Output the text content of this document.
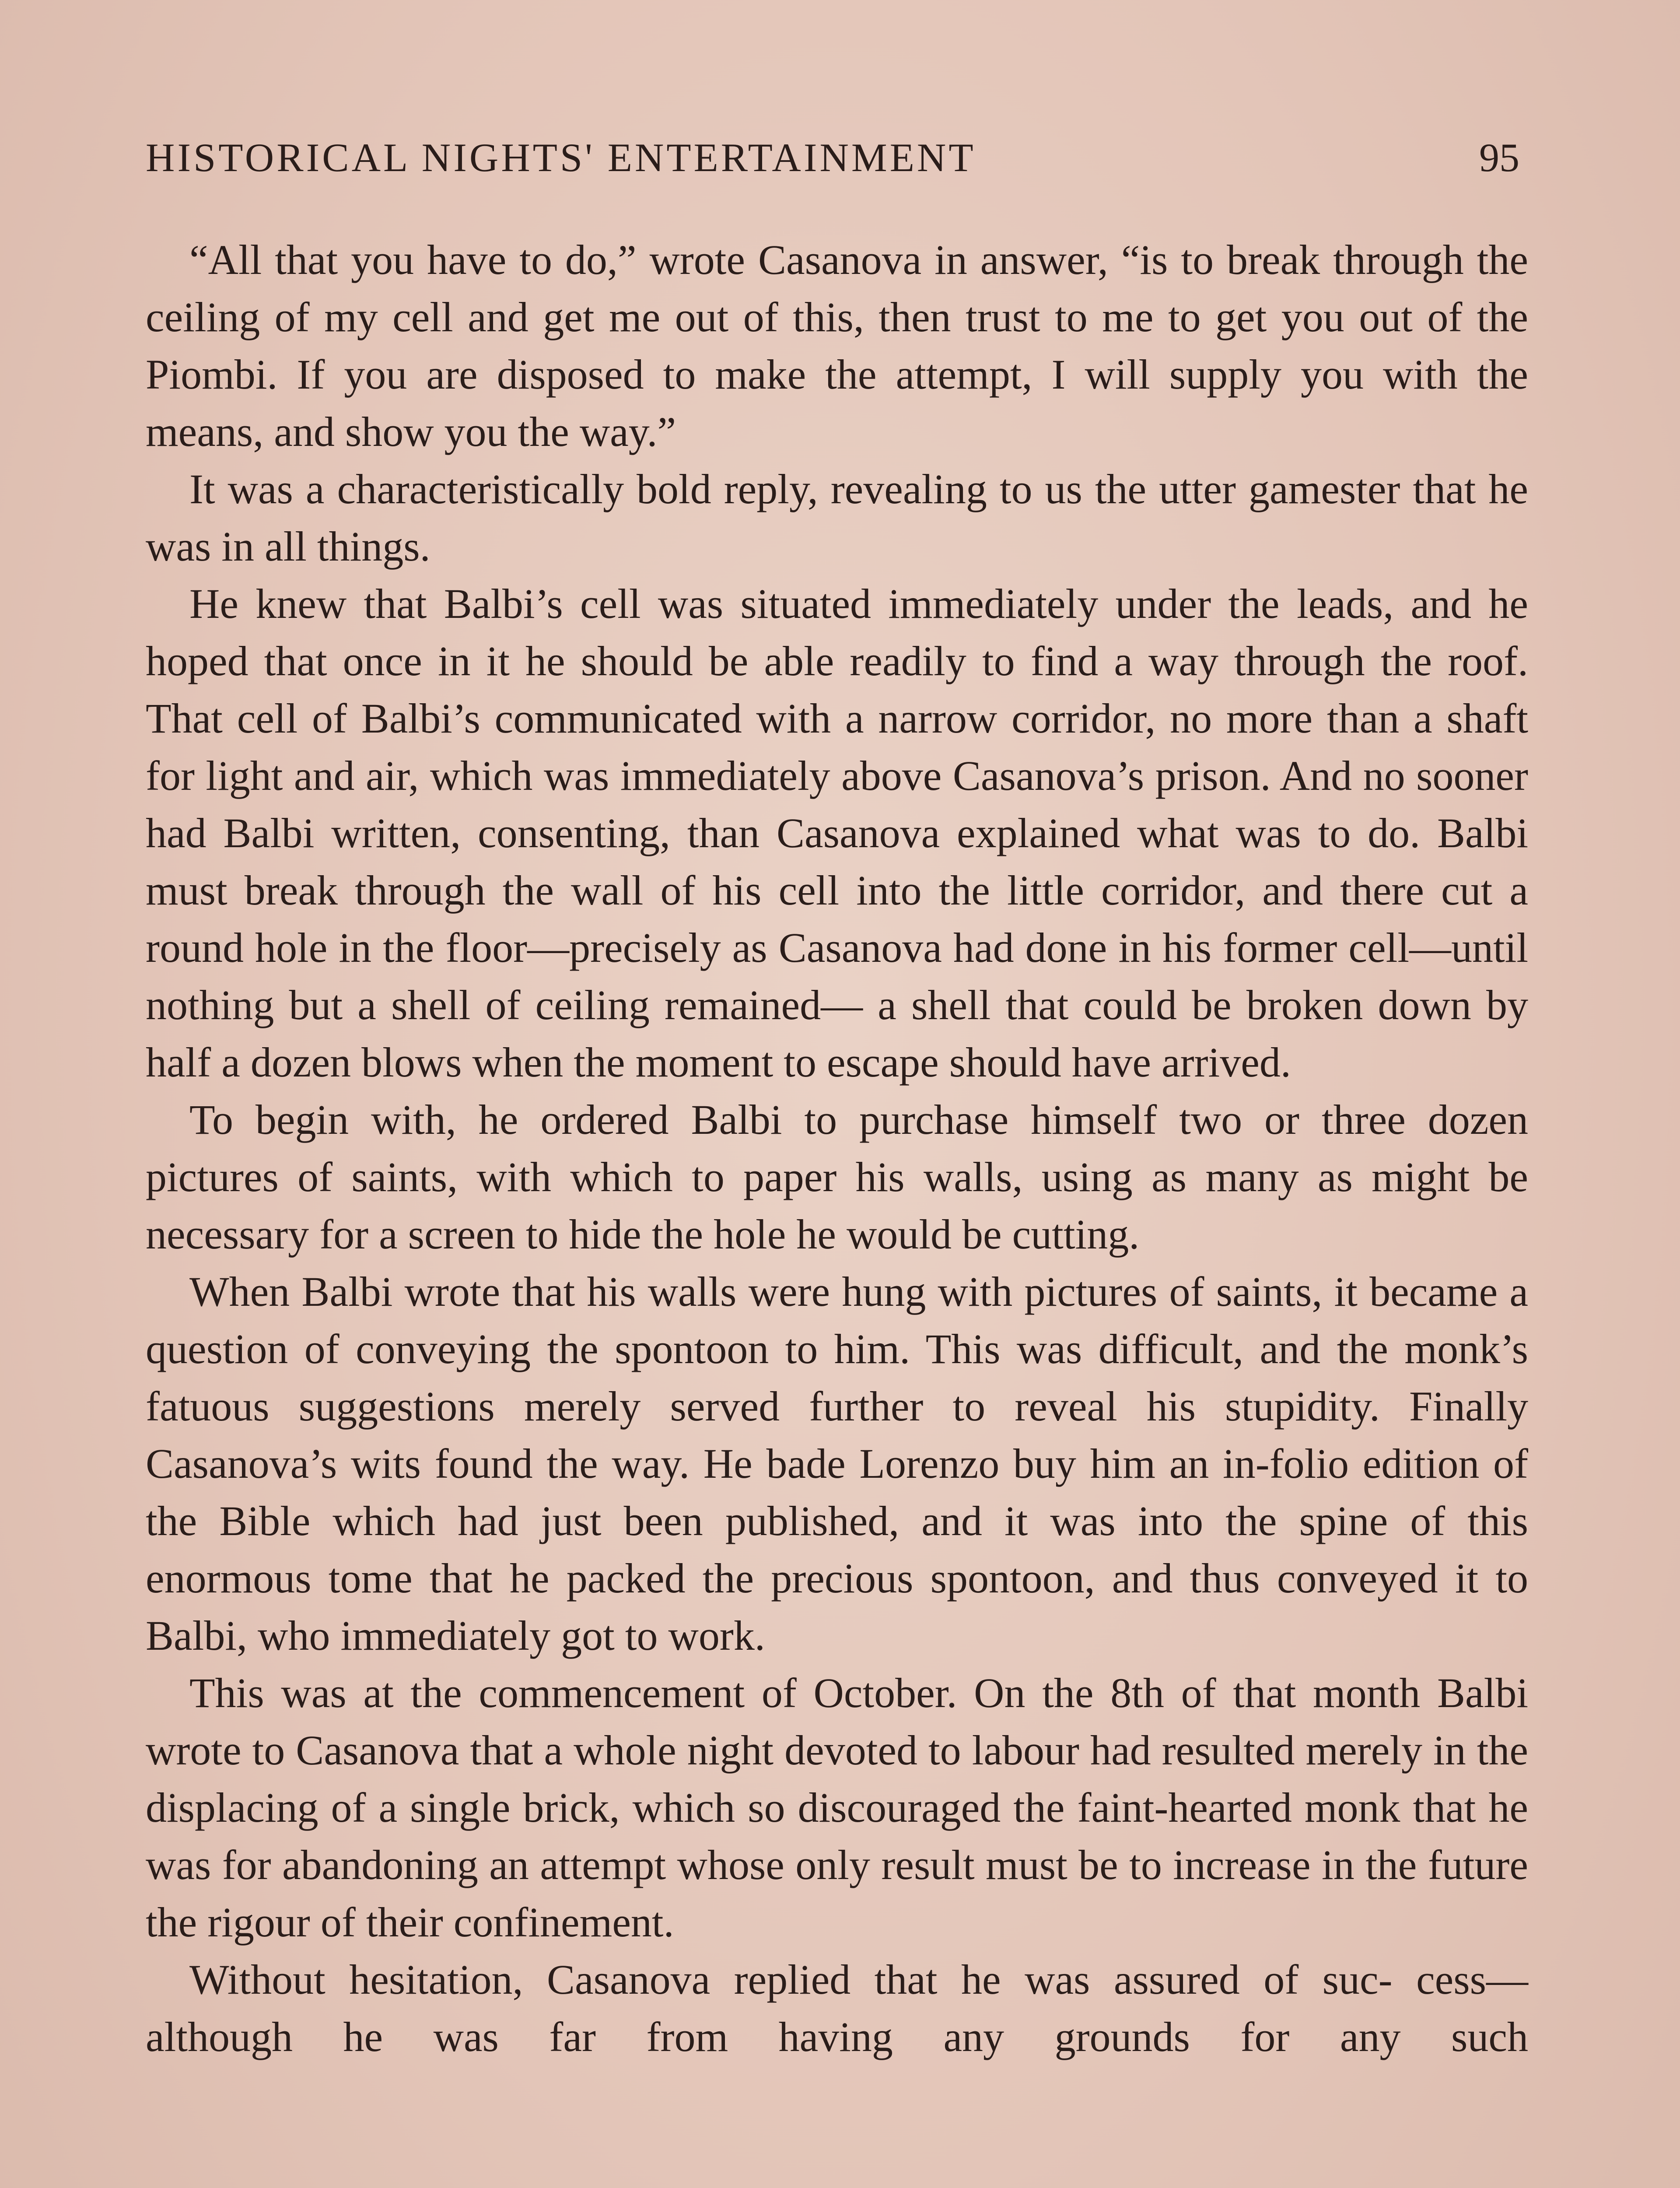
HISTORICAL NIGHTS' ENTERTAINMENT	95

“All that you have to do,” wrote Casanova in answer, “is to break through the ceiling of my cell and get me out of this, then trust to me to get you out of the Piombi. If you are disposed to make the attempt, I will supply you with the means, and show you the way.”

It was a characteristically bold reply, revealing to us the utter gamester that he was in all things.

He knew that Balbi’s cell was situated immediately under the leads, and he hoped that once in it he should be able readily to find a way through the roof. That cell of Balbi’s communicated with a narrow corridor, no more than a shaft for light and air, which was immediately above Casanova’s prison. And no sooner had Balbi written, consenting, than Casanova explained what was to do. Balbi must break through the wall of his cell into the little corridor, and there cut a round hole in the floor—precisely as Casanova had done in his former cell—until nothing but a shell of ceiling remained— a shell that could be broken down by half a dozen blows when the moment to escape should have arrived.

To begin with, he ordered Balbi to purchase himself two or three dozen pictures of saints, with which to paper his walls, using as many as might be necessary for a screen to hide the hole he would be cutting.

When Balbi wrote that his walls were hung with pictures of saints, it became a question of conveying the spontoon to him. This was difficult, and the monk’s fatuous suggestions merely served further to reveal his stupidity. Finally Casanova’s wits found the way. He bade Lorenzo buy him an in-folio edition of the Bible which had just been published, and it was into the spine of this enormous tome that he packed the precious spontoon, and thus conveyed it to Balbi, who immediately got to work.

This was at the commencement of October. On the 8th of that month Balbi wrote to Casanova that a whole night devoted to labour had resulted merely in the displacing of a single brick, which so discouraged the faint-hearted monk that he was for abandoning an attempt whose only result must be to increase in the future the rigour of their confinement.

Without hesitation, Casanova replied that he was assured of suc- cess—although he was far from having any grounds for any such
